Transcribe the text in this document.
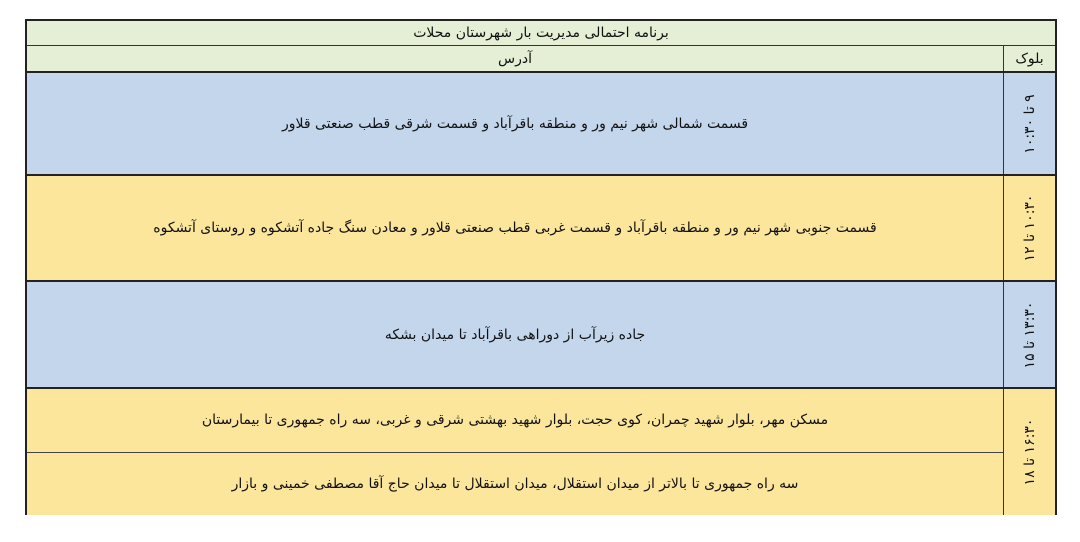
برنامه احتمالی مدیریت بار شهرستان محلات
بلوک
آدرس
۹ تا ۱۰:۳۰
قسمت شمالی شهر نیم ور و منطقه باقرآباد و قسمت شرقی قطب صنعتی قلاور
۱۰:۳۰ تا ۱۲
قسمت جنوبی شهر نیم ور و منطقه باقرآباد و قسمت غربی قطب صنعتی قلاور و معادن سنگ جاده آتشکوه و روستای آتشکوه
۱۳:۳۰ تا ۱۵
جاده زیرآب از دوراهی باقرآباد تا میدان بشکه
۱۶:۳۰ تا ۱۸
مسکن مهر، بلوار شهید چمران، کوی حجت، بلوار شهید بهشتی شرقی و غربی، سه راه جمهوری تا بیمارستان
سه راه جمهوری تا بالاتر از میدان استقلال، میدان استقلال تا میدان حاج آقا مصطفی خمینی و بازار
